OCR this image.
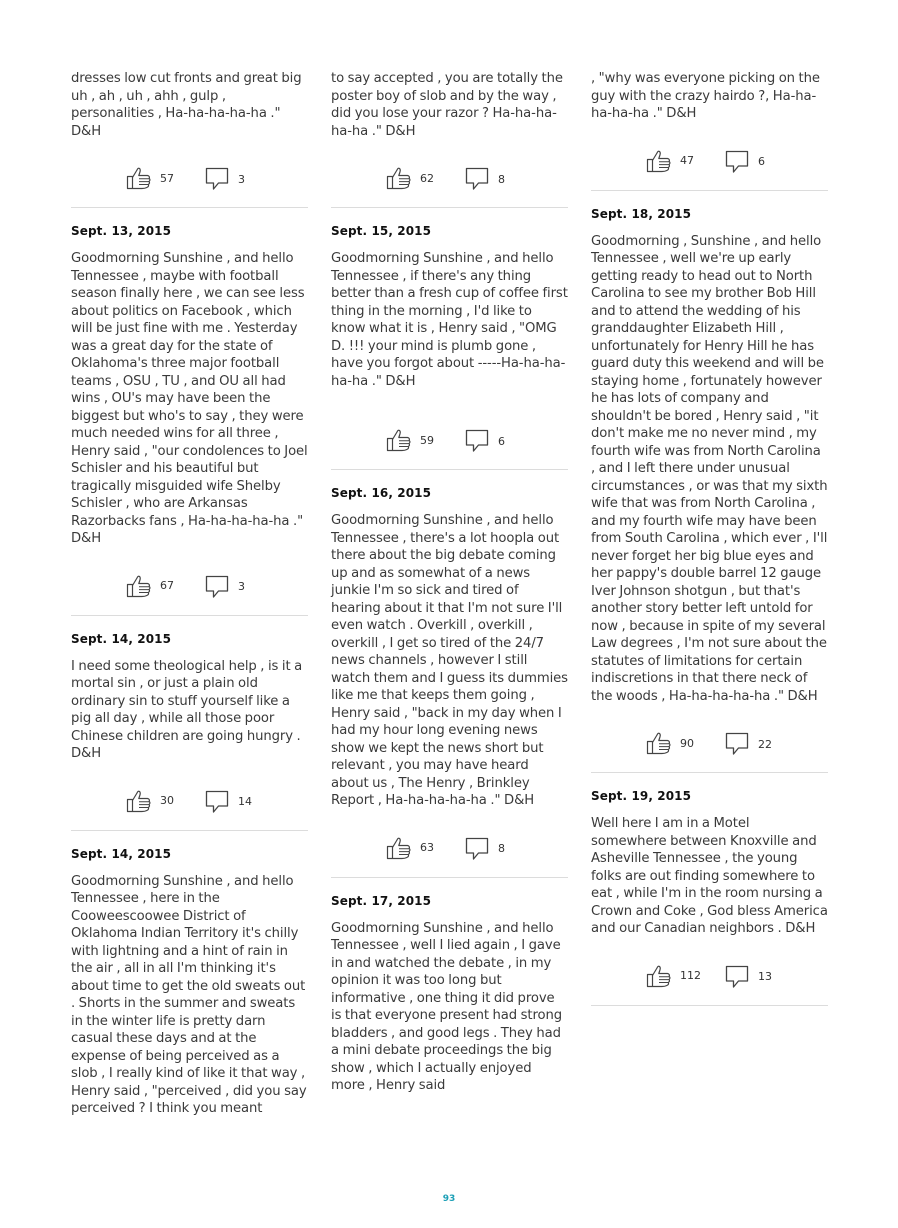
dresses low cut fronts and great big uh , ah , uh , ahh , gulp , personalities , Ha-ha-ha-ha-ha ." D&H

57	3

Sept. 13, 2015

Goodmorning Sunshine , and hello Tennessee , maybe with football season finally here , we can see less about politics on Facebook , which will be just fine with me . Yesterday was a great day for the state of Oklahoma's three major football teams , OSU , TU , and OU all had wins , OU's may have been the biggest but who's to say , they were much needed wins for all three , Henry said , "our condolences to Joel Schisler and his beautiful but tragically misguided wife Shelby Schisler , who are Arkansas Razorbacks fans , Ha-ha-ha-ha-ha ." D&H

67	3

Sept. 14, 2015

I need some theological help , is it a mortal sin , or just a plain old ordinary sin to stuff yourself like a pig all day , while all those poor Chinese children are going hungry . D&H

30	14

Sept. 14, 2015

Goodmorning Sunshine , and hello Tennessee , here in the Cooweescoowee District of Oklahoma Indian Territory it's chilly with lightning and a hint of rain in the air , all in all I'm thinking it's about time to get the old sweats out . Shorts in the summer and sweats in the winter life is pretty darn casual these days and at the expense of being perceived as a slob , I really kind of like it that way , Henry said , "perceived , did you say perceived ? I think you meant

to say accepted , you are totally the poster boy of slob and by the way , did you lose your razor ? Ha-ha-ha-ha-ha ." D&H

62	8

Sept. 15, 2015

Goodmorning Sunshine , and hello Tennessee , if there's any thing better than a fresh cup of coffee first thing in the morning , I'd like to know what it is , Henry said , "OMG D. !!! your mind is plumb gone , have you forgot about -----Ha-ha-ha-ha-ha ." D&H

59	6

Sept. 16, 2015

Goodmorning Sunshine , and hello Tennessee , there's a lot hoopla out there about the big debate coming up and as somewhat of a news junkie I'm so sick and tired of hearing about it that I'm not sure I'll even watch . Overkill , overkill , overkill , I get so tired of the 24/7 news channels , however I still watch them and I guess its dummies like me that keeps them going , Henry said , "back in my day when I had my hour long evening news show we kept the news short but relevant , you may have heard about us , The Henry , Brinkley Report , Ha-ha-ha-ha-ha ." D&H

63	8

Sept. 17, 2015

Goodmorning Sunshine , and hello Tennessee , well I lied again , I gave in and watched the debate , in my opinion it was too long but informative , one thing it did prove is that everyone present had strong bladders , and good legs . They had a mini debate proceedings the big show , which I actually enjoyed more , Henry said

, "why was everyone picking on the guy with the crazy hairdo ?, Ha-ha-ha-ha-ha ." D&H

47	6

Sept. 18, 2015

Goodmorning , Sunshine , and hello Tennessee , well we're up early getting ready to head out to North Carolina to see my brother Bob Hill and to attend the wedding of his granddaughter Elizabeth Hill , unfortunately for Henry Hill he has guard duty this weekend and will be staying home , fortunately however he has lots of company and shouldn't be bored , Henry said , "it don't make me no never mind , my fourth wife was from North Carolina , and I left there under unusual circumstances , or was that my sixth wife that was from North Carolina , and my fourth wife may have been from South Carolina , which ever , I'll never forget her big blue eyes and her pappy's double barrel 12 gauge Iver Johnson shotgun , but that's another story better left untold for now , because in spite of my several Law degrees , I'm not sure about the statutes of limitations for certain indiscretions in that there neck of the woods , Ha-ha-ha-ha-ha ." D&H

90	22

Sept. 19, 2015

Well here I am in a Motel somewhere between Knoxville and Asheville Tennessee , the young folks are out finding somewhere to eat , while I'm in the room nursing a Crown and Coke , God bless America and our Canadian neighbors . D&H

112	13
93
